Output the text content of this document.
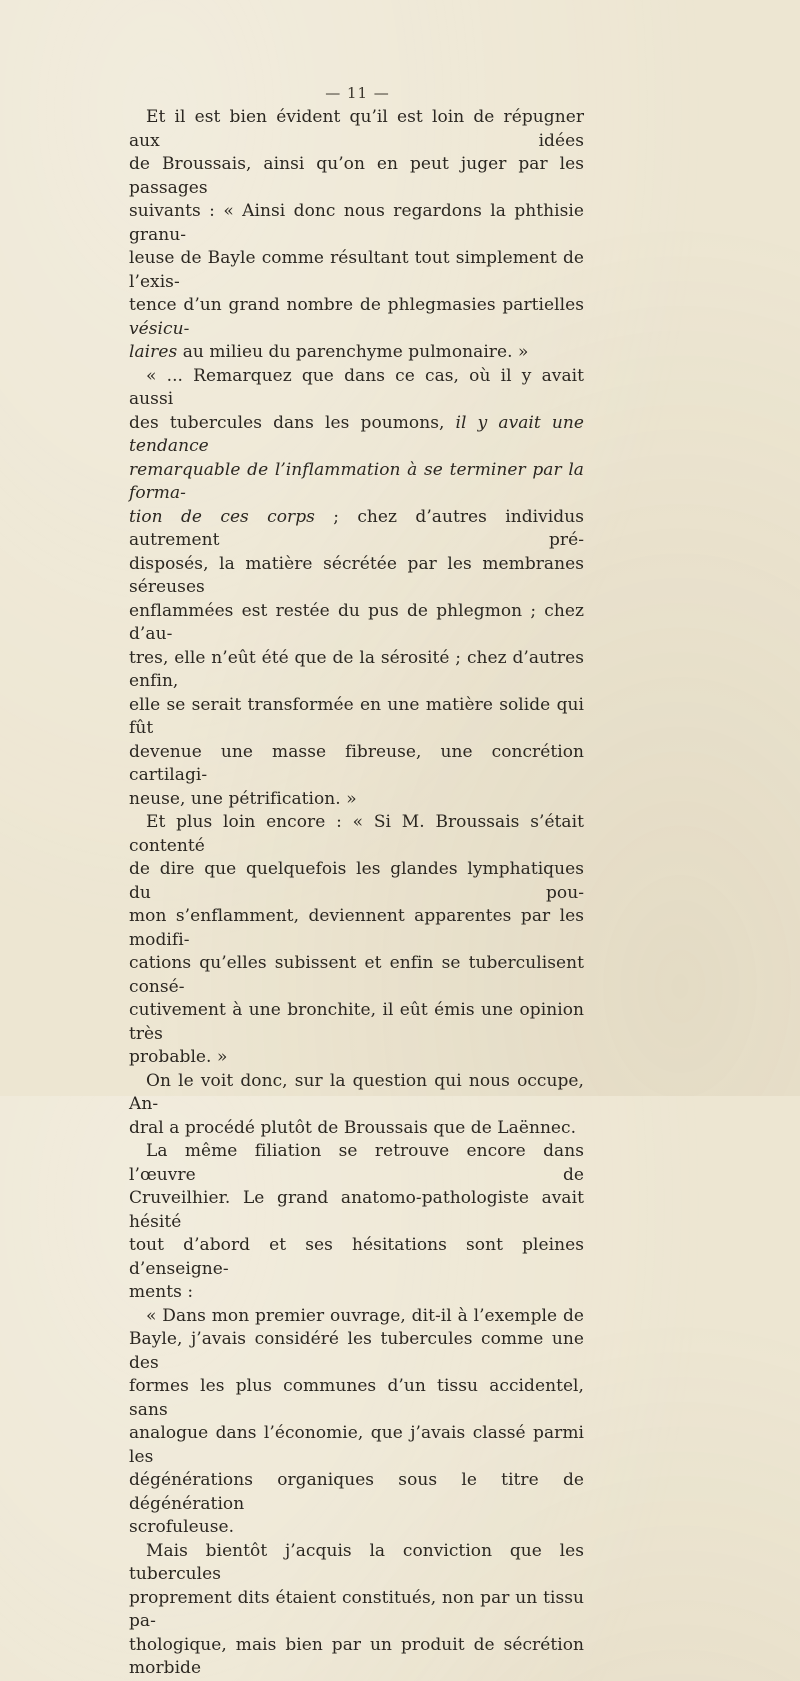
— 11 —

Et il est bien évident qu’il est loin de répugner aux idées

de Broussais, ainsi qu’on en peut juger par les passages

suivants : « Ainsi donc nous regardons la phthisie granu-

leuse de Bayle comme résultant tout simplement de l’exis-

tence d’un grand nombre de phlegmasies partielles vésicu-

laires au milieu du parenchyme pulmonaire. »

« ... Remarquez que dans ce cas, où il y avait aussi

des tubercules dans les poumons, il y avait une tendance

remarquable de l’inflammation à se terminer par la forma-

tion de ces corps ; chez d’autres individus autrement pré-

disposés, la matière sécrétée par les membranes séreuses

enflammées est restée du pus de phlegmon ; chez d’au-

tres, elle n’eût été que de la sérosité ; chez d’autres enfin,

elle se serait transformée en une matière solide qui fût

devenue une masse fibreuse, une concrétion cartilagi-

neuse, une pétrification. »

Et plus loin encore : « Si M. Broussais s’était contenté

de dire que quelquefois les glandes lymphatiques du pou-

mon s’enflamment, deviennent apparentes par les modifi-

cations qu’elles subissent et enfin se tuberculisent consé-

cutivement à une bronchite, il eût émis une opinion très

probable. »

On le voit donc, sur la question qui nous occupe, An-

dral a procédé plutôt de Broussais que de Laënnec.

La même filiation se retrouve encore dans l’œuvre de

Cruveilhier. Le grand anatomo-pathologiste avait hésité

tout d’abord et ses hésitations sont pleines d’enseigne-

ments :

« Dans mon premier ouvrage, dit-il à l’exemple de

Bayle, j’avais considéré les tubercules comme une des

formes les plus communes d’un tissu accidentel, sans

analogue dans l’économie, que j’avais classé parmi les

dégénérations organiques sous le titre de dégénération

scrofuleuse.

Mais bientôt j’acquis la conviction que les tubercules

proprement dits étaient constitués, non par un tissu pa-

thologique, mais bien par un produit de sécrétion morbide
